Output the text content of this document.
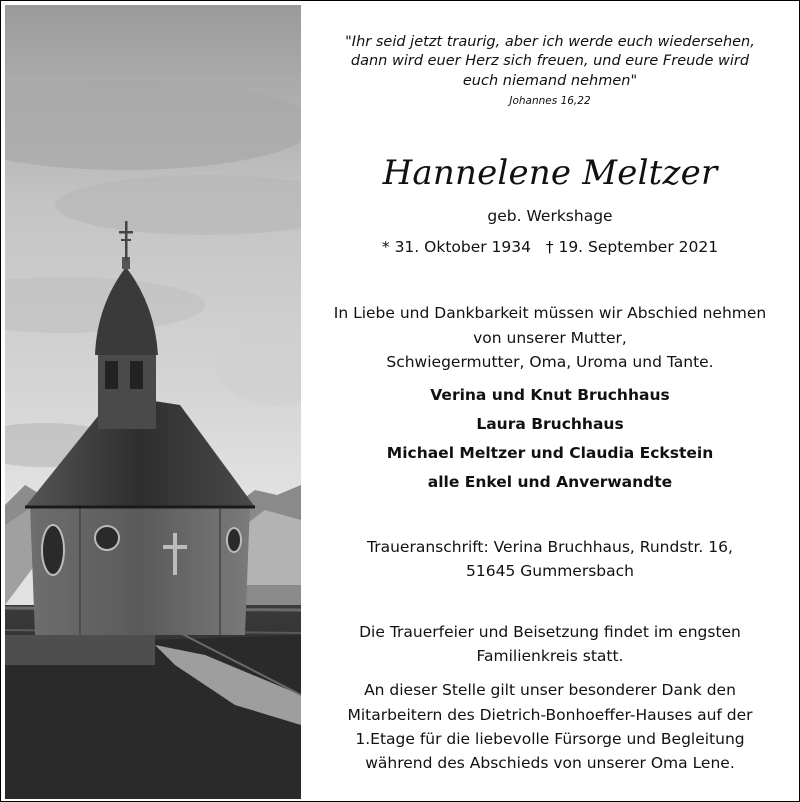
"Ihr seid jetzt traurig, aber ich werde euch wiedersehen,
dann wird euer Herz sich freuen, und eure Freude wird
euch niemand nehmen"
Johannes 16,22
Hannelene Meltzer
geb. Werkshage
* 31. Oktober 1934   † 19. September 2021
In Liebe und Dankbarkeit müssen wir Abschied nehmen
von unserer Mutter,
Schwiegermutter, Oma, Uroma und Tante.
Verina und Knut Bruchhaus
Laura Bruchhaus
Michael Meltzer und Claudia Eckstein
alle Enkel und Anverwandte
Traueranschrift: Verina Bruchhaus, Rundstr. 16,
51645 Gummersbach
Die Trauerfeier und Beisetzung findet im engsten
Familienkreis statt.
An dieser Stelle gilt unser besonderer Dank den
Mitarbeitern des Dietrich-Bonhoeffer-Hauses auf der
1.Etage für die liebevolle Fürsorge und Begleitung
während des Abschieds von unserer Oma Lene.
